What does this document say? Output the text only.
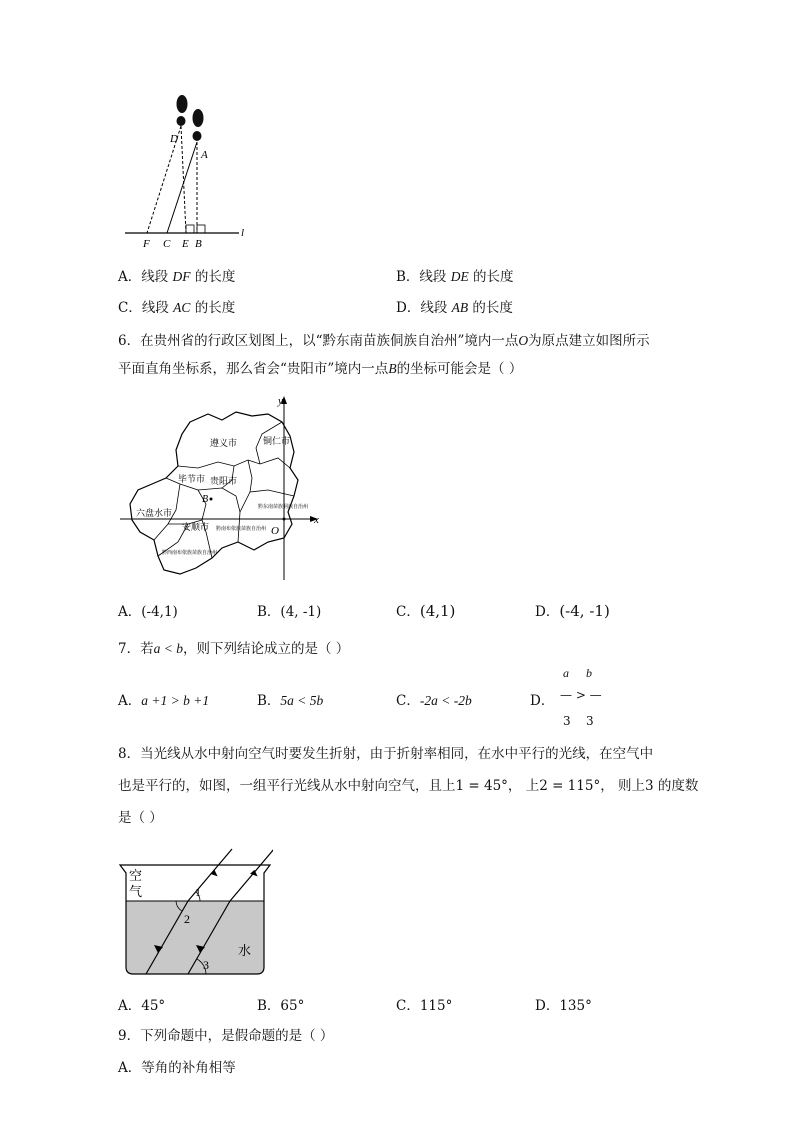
D
A
F C E B
l
A．线段 DF 的长度	B．线段 DE 的长度
C．线段 AC 的长度	D．线段 AB 的长度
6．在贵州省的行政区划图上，以“黔东南苗族侗族自治州”境内一点O为原点建立如图所示
平面直角坐标系，那么省会“贵阳市”境内一点B的坐标可能会是（ ）
y
x
遵义市	铜仁市
毕节市 贵阳市
黔东南苗族侗族自治州
六盘水市
安顺市 黔南布依族苗族自治州
黔西南布依族苗族自治州
B
O
A．(-4,1)	B．(4, -1)	C．(4,1)	D．(-4, -1)
7．若a < b，则下列结论成立的是（ ）
A．a +1 > b +1	B．5a < 5b	C．-2a < -2b
a b
D． — > —
3 3
8．当光线从水中射向空气时要发生折射，由于折射率相同，在水中平行的光线，在空气中
也是平行的，如图，一组平行光线从水中射向空气，且上1 = 45°， 上2 = 115°， 则上3 的度数
是（ ）
空
气
水
1
2
3
A．45°	B．65°	C．115°	D．135°
9．下列命题中，是假命题的是（ ）
A．等角的补角相等
